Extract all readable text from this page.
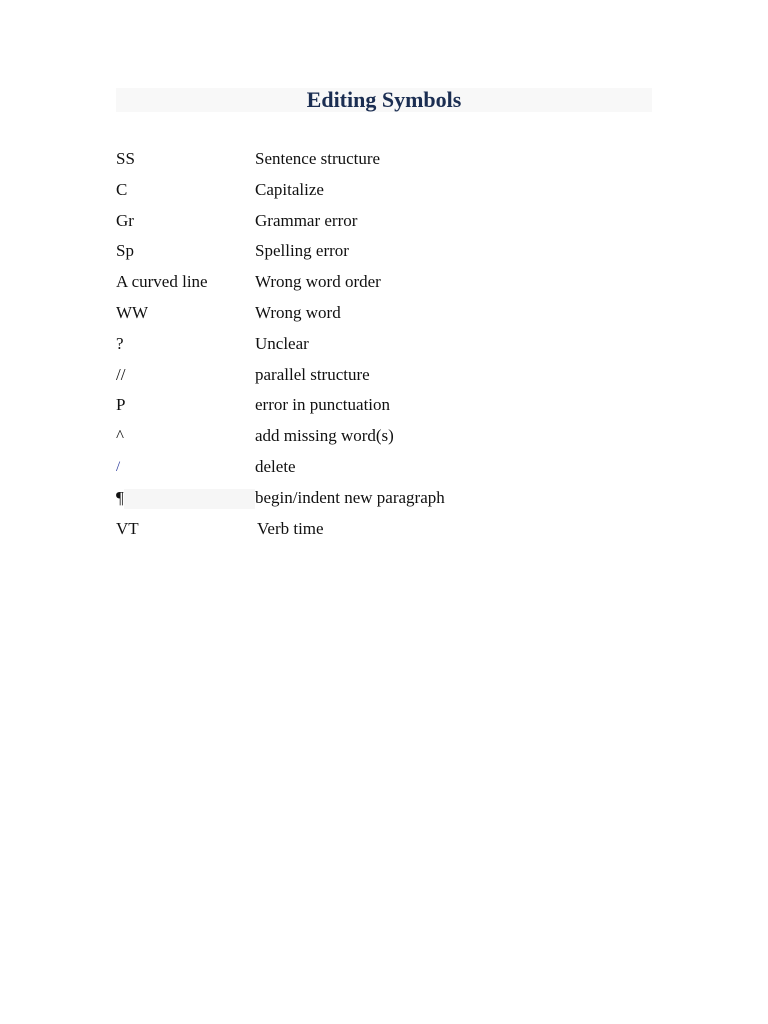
Editing Symbols
SS	Sentence structure
C	Capitalize
Gr	Grammar error
Sp	Spelling error
A curved line	Wrong word order
WW	Wrong word
?	Unclear
//	parallel structure
P	error in punctuation
^	add missing word(s)
/	delete
¶	begin/indent new paragraph
VT	Verb time
